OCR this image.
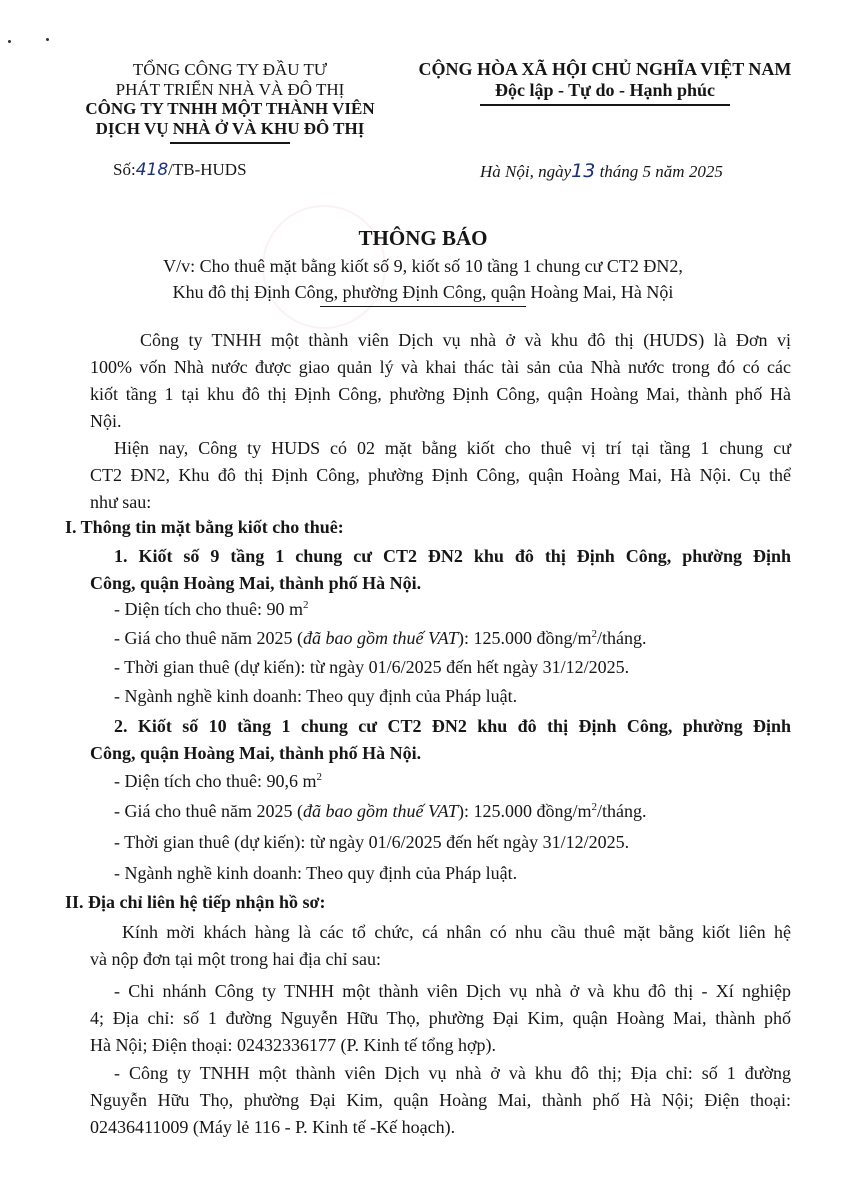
TỔNG CÔNG TY ĐẦU TƯ
PHÁT TRIỂN NHÀ VÀ ĐÔ THỊ
CÔNG TY TNHH MỘT THÀNH VIÊN
DỊCH VỤ NHÀ Ở VÀ KHU ĐÔ THỊ
Số:418/TB-HUDS
CỘNG HÒA XÃ HỘI CHỦ NGHĨA VIỆT NAM
Độc lập - Tự do - Hạnh phúc
Hà Nội, ngày13 tháng 5 năm 2025
THÔNG BÁO
V/v: Cho thuê mặt bằng kiốt số 9, kiốt số 10 tầng 1 chung cư CT2 ĐN2,
Khu đô thị Định Công, phường Định Công, quận Hoàng Mai, Hà Nội
Công ty TNHH một thành viên Dịch vụ nhà ở và khu đô thị (HUDS) là Đơn vị
100% vốn Nhà nước được giao quản lý và khai thác tài sản của Nhà nước trong đó có các
kiốt tầng 1 tại khu đô thị Định Công, phường Định Công, quận Hoàng Mai, thành phố Hà
Nội.
Hiện nay, Công ty HUDS có 02 mặt bằng kiốt cho thuê vị trí tại tầng 1 chung cư
CT2 ĐN2, Khu đô thị Định Công, phường Định Công, quận Hoàng Mai, Hà Nội. Cụ thể
như sau:
I. Thông tin mặt bằng kiốt cho thuê:
1. Kiốt số 9 tầng 1 chung cư CT2 ĐN2 khu đô thị Định Công, phường Định
Công, quận Hoàng Mai, thành phố Hà Nội.
- Diện tích cho thuê: 90 $m^2$
- Giá cho thuê năm 2025 (đã bao gồm thuế VAT): 125.000 đồng/$m^2$/tháng.
- Thời gian thuê (dự kiến): từ ngày 01/6/2025 đến hết ngày 31/12/2025.
- Ngành nghề kinh doanh: Theo quy định của Pháp luật.
2. Kiốt số 10 tầng 1 chung cư CT2 ĐN2 khu đô thị Định Công, phường Định
Công, quận Hoàng Mai, thành phố Hà Nội.
- Diện tích cho thuê: 90,6 $m^2$
- Giá cho thuê năm 2025 (đã bao gồm thuế VAT): 125.000 đồng/$m^2$/tháng.
- Thời gian thuê (dự kiến): từ ngày 01/6/2025 đến hết ngày 31/12/2025.
- Ngành nghề kinh doanh: Theo quy định của Pháp luật.
II. Địa chỉ liên hệ tiếp nhận hồ sơ:
Kính mời khách hàng là các tổ chức, cá nhân có nhu cầu thuê mặt bằng kiốt liên hệ
và nộp đơn tại một trong hai địa chỉ sau:
- Chi nhánh Công ty TNHH một thành viên Dịch vụ nhà ở và khu đô thị - Xí nghiệp
4; Địa chỉ: số 1 đường Nguyễn Hữu Thọ, phường Đại Kim, quận Hoàng Mai, thành phố
Hà Nội; Điện thoại: 02432336177 (P. Kinh tế tổng hợp).
- Công ty TNHH một thành viên Dịch vụ nhà ở và khu đô thị; Địa chỉ: số 1 đường
Nguyễn Hữu Thọ, phường Đại Kim, quận Hoàng Mai, thành phố Hà Nội; Điện thoại:
02436411009 (Máy lẻ 116 - P. Kinh tế -Kế hoạch).
